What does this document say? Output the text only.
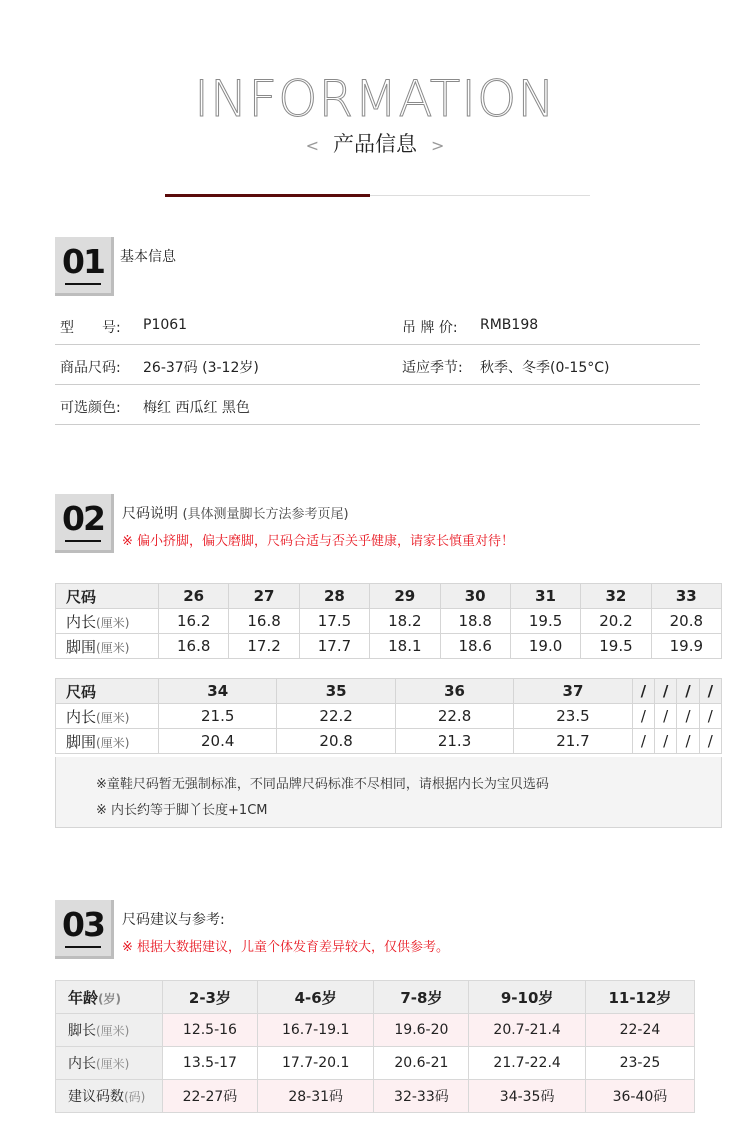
INFORMATION
< 产品信息 >
01	基本信息
型　　号: P1061	吊 牌 价: RMB198
商品尺码: 26-37码 (3-12岁)	适应季节: 秋季、冬季(0-15°C)
可选颜色: 梅红 西瓜红 黑色
02	尺码说明 (具体测量脚长方法参考页尾)
※ 偏小挤脚，偏大磨脚，尺码合适与否关乎健康，请家长慎重对待！
尺码	26	27	28	29	30	31	32	33
内长(厘米)	16.2	16.8	17.5	18.2	18.8	19.5	20.2	20.8
脚围(厘米)	16.8	17.2	17.7	18.1	18.6	19.0	19.5	19.9
尺码	34	35	36	37	/	/	/	/
内长(厘米)	21.5	22.2	22.8	23.5	/	/	/	/
脚围(厘米)	20.4	20.8	21.3	21.7	/	/	/	/
※童鞋尺码暂无强制标准，不同品牌尺码标准不尽相同，请根据内长为宝贝选码
※ 内长约等于脚丫长度+1CM
03	尺码建议与参考:
※ 根据大数据建议，儿童个体发育差异较大，仅供参考。
年龄(岁)	2-3岁	4-6岁	7-8岁	9-10岁	11-12岁
脚长(厘米)	12.5-16	16.7-19.1	19.6-20	20.7-21.4	22-24
内长(厘米)	13.5-17	17.7-20.1	20.6-21	21.7-22.4	23-25
建议码数(码)	22-27码	28-31码	32-33码	34-35码	36-40码
